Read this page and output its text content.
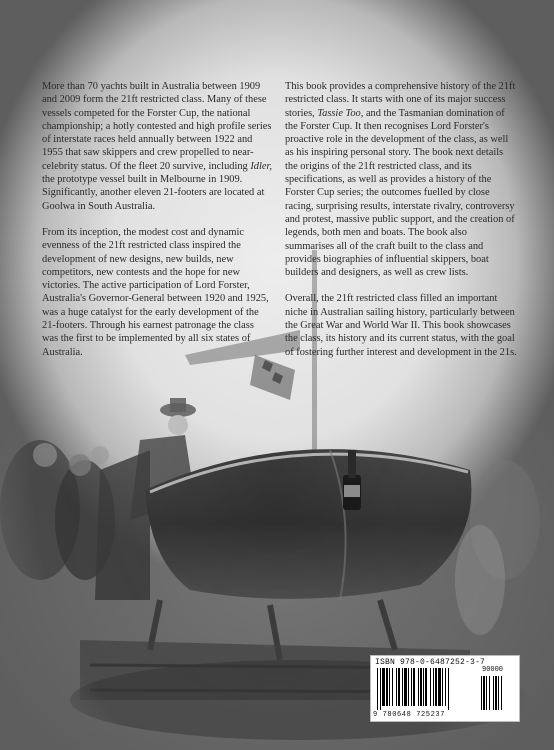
More than 70 yachts built in Australia between 1909 and 2009 form the 21ft restricted class. Many of these vessels competed for the Forster Cup, the national championship; a hotly contested and high profile series of interstate races held annually between 1922 and 1955 that saw skippers and crew propelled to near-celebrity status. Of the fleet 20 survive, including Idler, the prototype vessel built in Melbourne in 1909. Significantly, another eleven 21-footers are located at Goolwa in South Australia.

From its inception, the modest cost and dynamic evenness of the 21ft restricted class inspired the development of new designs, new builds, new competitors, new contests and the hope for new victories. The active participation of Lord Forster, Australia's Governor-General between 1920 and 1925, was a huge catalyst for the early development of the 21-footers. Through his earnest patronage the class was the first to be implemented by all six states of Australia.

This book provides a comprehensive history of the 21ft restricted class. It starts with one of its major success stories, Tassie Too, and the Tasmanian domination of the Forster Cup. It then recognises Lord Forster's proactive role in the development of the class, as well as his inspiring personal story. The book next details the origins of the 21ft restricted class, and its specifications, as well as provides a history of the Forster Cup series; the outcomes fuelled by close racing, surprising results, interstate rivalry, controversy and protest, massive public support, and the creation of legends, both men and boats. The book also summarises all of the craft built to the class and provides biographies of influential skippers, boat builders and designers, as well as crew lists.

Overall, the 21ft restricted class filled an important niche in Australian sailing history, particularly between the Great War and World War II. This book showcases the class, its history and its current status, with the goal of fostering further interest and development in the 21s.

ISBN 978-0-6487252-3-7
90000
9 780648 725237
